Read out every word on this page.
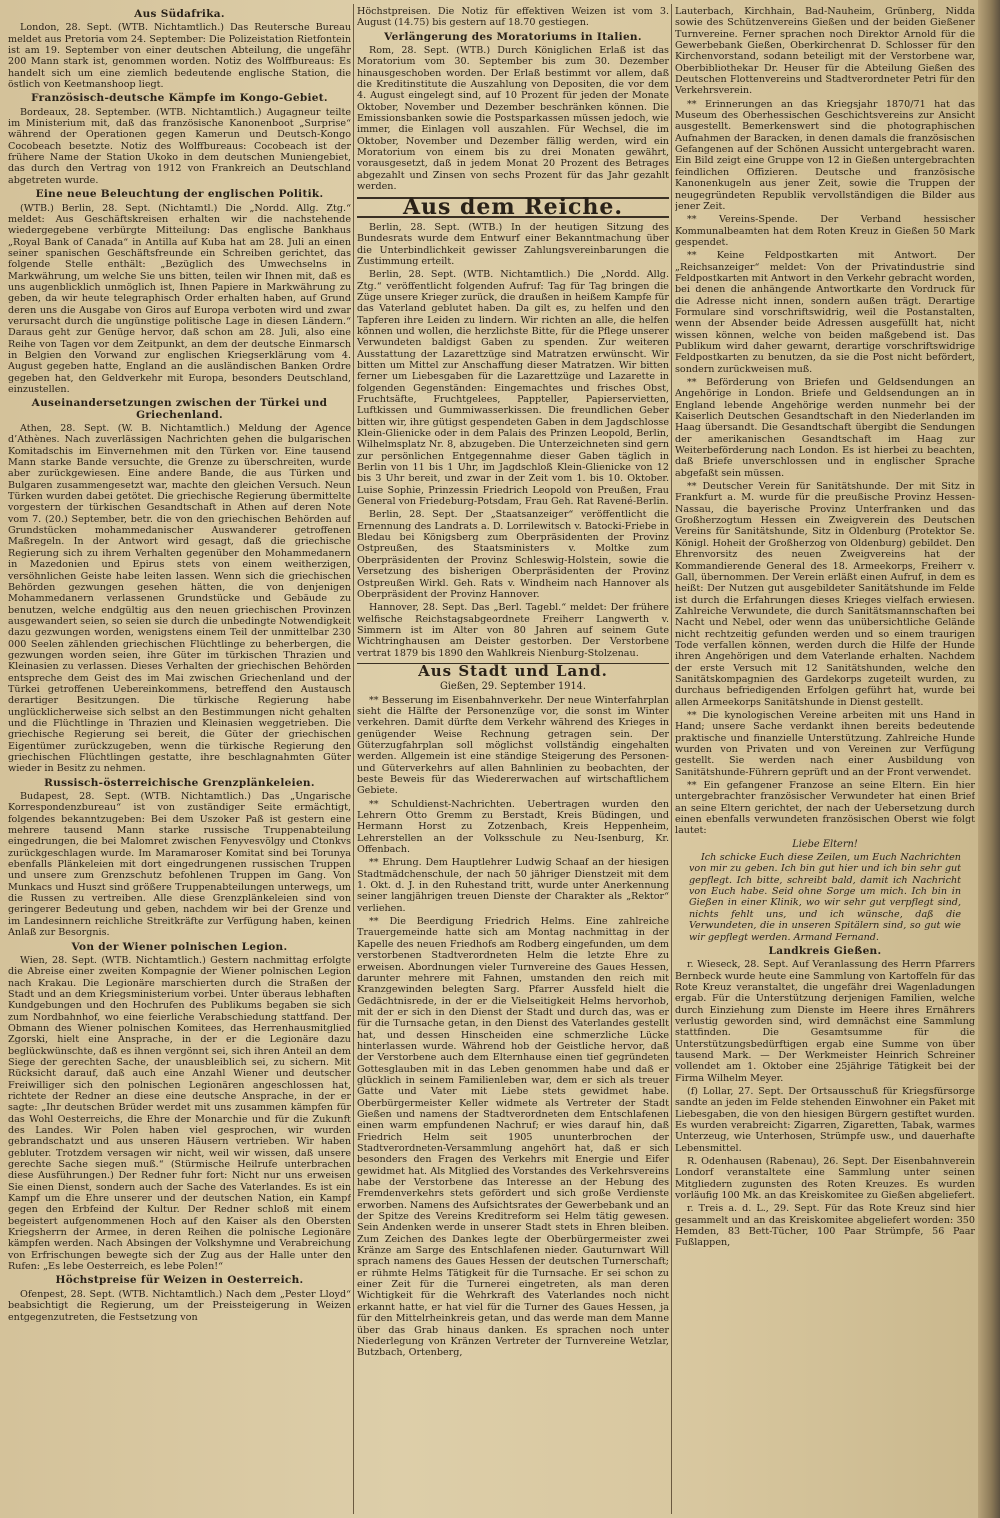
Aus Südafrika.

London, 28. Sept. (WTB. Nichtamtlich.) Das Reutersche Bureau meldet aus Pretoria vom 24. September: Die Polizeistation Rietfontein ist am 19. September von einer deutschen Abteilung, die ungefähr 200 Mann stark ist, genommen worden. Notiz des Wolffbureaus: Es handelt sich um eine ziemlich bedeutende englische Station, die östlich von Keetmanshoop liegt.

Französisch-deutsche Kämpfe im Kongo-Gebiet.

Bordeaux, 28. September. (WTB. Nichtamtlich.) Augagneur teilte im Ministerium mit, daß das französische Kanonenboot „Surprise“ während der Operationen gegen Kamerun und Deutsch-Kongo Cocobeach besetzte. Notiz des Wolffbureaus: Cocobeach ist der frühere Name der Station Ukoko in dem deutschen Muniengebiet, das durch den Vertrag von 1912 von Frankreich an Deutschland abgetreten wurde.

Eine neue Beleuchtung der englischen Politik.

(WTB.) Berlin, 28. Sept. (Nichtamtl.) Die „Nordd. Allg. Ztg.“ meldet: Aus Geschäftskreisen erhalten wir die nachstehende wiedergegebene verbürgte Mitteilung: Das englische Bankhaus „Royal Bank of Canada“ in Antilla auf Kuba hat am 28. Juli an einen seiner spanischen Geschäftsfreunde ein Schreiben gerichtet, das folgende Stelle enthält: „Bezüglich des Umwechselns in Markwährung, um welche Sie uns bitten, teilen wir Ihnen mit, daß es uns augenblicklich unmöglich ist, Ihnen Papiere in Markwährung zu geben, da wir heute telegraphisch Order erhalten haben, auf Grund deren uns die Ausgabe von Giros auf Europa verboten wird und zwar verursacht durch die ungünstige politische Lage in diesen Ländern.“ Daraus geht zur Genüge hervor, daß schon am 28. Juli, also eine Reihe von Tagen vor dem Zeitpunkt, an dem der deutsche Einmarsch in Belgien den Vorwand zur englischen Kriegserklärung vom 4. August gegeben hatte, England an die ausländischen Banken Ordre gegeben hat, den Geldverkehr mit Europa, besonders Deutschland, einzustellen.

Auseinandersetzungen zwischen der Türkei und Griechenland.

Athen, 28. Sept. (W. B. Nichtamtlich.) Meldung der Agence d’Athènes. Nach zuverlässigen Nachrichten gehen die bulgarischen Komitadschis im Einvernehmen mit den Türken vor. Eine tausend Mann starke Bande versuchte, die Grenze zu überschreiten, wurde aber zurückgewiesen. Eine andere Bande, die aus Türken und Bulgaren zusammengesetzt war, machte den gleichen Versuch. Neun Türken wurden dabei getötet. Die griechische Regierung übermittelte vorgestern der türkischen Gesandtschaft in Athen auf deren Note vom 7. (20.) September, betr. die von den griechischen Behörden auf Grundstücken mohammedanischer Auswanderer getroffenen Maßregeln. In der Antwort wird gesagt, daß die griechische Regierung sich zu ihrem Verhalten gegenüber den Mohammedanern in Mazedonien und Epirus stets von einem weitherzigen, versöhnlichen Geiste habe leiten lassen. Wenn sich die griechischen Behörden gezwungen gesehen hätten, die von denjenigen Mohammedanern verlassenen Grundstücke und Gebäude zu benutzen, welche endgültig aus den neuen griechischen Provinzen ausgewandert seien, so seien sie durch die unbedingte Notwendigkeit dazu gezwungen worden, wenigstens einem Teil der unmittelbar 230 000 Seelen zählenden griechischen Flüchtlinge zu beherbergen, die gezwungen worden seien, ihre Güter im türkischen Thrazien und Kleinasien zu verlassen. Dieses Verhalten der griechischen Behörden entspreche dem Geist des im Mai zwischen Griechenland und der Türkei getroffenen Uebereinkommens, betreffend den Austausch derartiger Besitzungen. Die türkische Regierung habe unglücklicherweise sich selbst an den Bestimmungen nicht gehalten und die Flüchtlinge in Thrazien und Kleinasien weggetrieben. Die griechische Regierung sei bereit, die Güter der griechischen Eigentümer zurückzugeben, wenn die türkische Regierung den griechischen Flüchtlingen gestatte, ihre beschlagnahmten Güter wieder in Besitz zu nehmen.

Russisch-österreichische Grenzplänkeleien.

Budapest, 28. Sept. (WTB. Nichtamtlich.) Das „Ungarische Korrespondenzbureau“ ist von zuständiger Seite ermächtigt, folgendes bekanntzugeben: Bei dem Uszoker Paß ist gestern eine mehrere tausend Mann starke russische Truppenabteilung eingedrungen, die bei Malomret zwischen Fenyvesvölgy und Ctonkvs zurückgeschlagen wurde. Im Maramaroser Komitat sind bei Torunya ebenfalls Plänkeleien mit dort eingedrungenen russischen Truppen und unsere zum Grenzschutz befohlenen Truppen im Gang. Von Munkacs und Huszt sind größere Truppenabteilungen unterwegs, um die Russen zu vertreiben. Alle diese Grenzplänkeleien sind von geringerer Bedeutung und geben, nachdem wir bei der Grenze und im Landesinnern reichliche Streitkräfte zur Verfügung haben, keinen Anlaß zur Besorgnis.

Von der Wiener polnischen Legion.

Wien, 28. Sept. (WTB. Nichtamtlich.) Gestern nachmittag erfolgte die Abreise einer zweiten Kompagnie der Wiener polnischen Legion nach Krakau. Die Legionäre marschierten durch die Straßen der Stadt und an dem Kriegsministerium vorbei. Unter überaus lebhaften Kundgebungen und den Hochrufen des Publikums begaben sie sich zum Nordbahnhof, wo eine feierliche Verabschiedung stattfand. Der Obmann des Wiener polnischen Komitees, das Herrenhausmitglied Zgorski, hielt eine Ansprache, in der er die Legionäre dazu beglückwünschte, daß es ihnen vergönnt sei, sich ihren Anteil an dem Siege der gerechten Sache, der unausbleiblich sei, zu sichern. Mit Rücksicht darauf, daß auch eine Anzahl Wiener und deutscher Freiwilliger sich den polnischen Legionären angeschlossen hat, richtete der Redner an diese eine deutsche Ansprache, in der er sagte: „Ihr deutschen Brüder werdet mit uns zusammen kämpfen für das Wohl Oesterreichs, die Ehre der Monarchie und für die Zukunft des Landes. Wir Polen haben viel gesprochen, wir wurden gebrandschatzt und aus unseren Häusern vertrieben. Wir haben gebluter. Trotzdem versagen wir nicht, weil wir wissen, daß unsere gerechte Sache siegen muß.“ (Stürmische Heilrufe unterbrachen diese Ausführungen.) Der Redner fuhr fort: Nicht nur uns erweisen Sie einen Dienst, sondern auch der Sache des Vaterlandes. Es ist ein Kampf um die Ehre unserer und der deutschen Nation, ein Kampf gegen den Erbfeind der Kultur. Der Redner schloß mit einem begeistert aufgenommenen Hoch auf den Kaiser als den Obersten Kriegsherrn der Armee, in deren Reihen die polnische Legionäre kämpfen werden. Nach Absingen der Volkshymne und Verabreichung von Erfrischungen bewegte sich der Zug aus der Halle unter den Rufen: „Es lebe Oesterreich, es lebe Polen!“

Höchstpreise für Weizen in Oesterreich.

Ofenpest, 28. Sept. (WTB. Nichtamtlich.) Nach dem „Pester Lloyd“ beabsichtigt die Regierung, um der Preissteigerung in Weizen entgegenzutreten, die Festsetzung von

Höchstpreisen. Die Notiz für effektiven Weizen ist vom 3. August (14.75) bis gestern auf 18.70 gestiegen.

Verlängerung des Moratoriums in Italien.

Rom, 28. Sept. (WTB.) Durch Königlichen Erlaß ist das Moratorium vom 30. September bis zum 30. Dezember hinausgeschoben worden. Der Erlaß bestimmt vor allem, daß die Kreditinstitute die Auszahlung von Depositen, die vor dem 4. August eingelegt sind, auf 10 Prozent für jeden der Monate Oktober, November und Dezember beschränken können. Die Emissionsbanken sowie die Postsparkassen müssen jedoch, wie immer, die Einlagen voll auszahlen. Für Wechsel, die im Oktober, November und Dezember fällig werden, wird ein Moratorium von einem bis zu drei Monaten gewährt, vorausgesetzt, daß in jedem Monat 20 Prozent des Betrages abgezahlt und Zinsen von sechs Prozent für das Jahr gezahlt werden.

Aus dem Reiche.

Berlin, 28. Sept. (WTB.) In der heutigen Sitzung des Bundesrats wurde dem Entwurf einer Bekanntmachung über die Unterbindlichkeit gewisser Zahlungsvereinbarungen die Zustimmung erteilt.

Berlin, 28. Sept. (WTB. Nichtamtlich.) Die „Nordd. Allg. Ztg.“ veröffentlicht folgenden Aufruf: Tag für Tag bringen die Züge unsere Krieger zurück, die draußen in heißem Kampfe für das Vaterland geblutet haben. Da gilt es, zu helfen und den Tapferen ihre Leiden zu lindern. Wir richten an alle, die helfen können und wollen, die herzlichste Bitte, für die Pflege unserer Verwundeten baldigst Gaben zu spenden. Zur weiteren Ausstattung der Lazarettzüge sind Matratzen erwünscht. Wir bitten um Mittel zur Anschaffung dieser Matratzen. Wir bitten ferner um Liebesgaben für die Lazarettzüge und Lazarette in folgenden Gegenständen: Eingemachtes und frisches Obst, Fruchtsäfte, Fruchtgelees, Pappteller, Papierservietten, Luftkissen und Gummiwasserkissen. Die freundlichen Geber bitten wir, ihre gütigst gespendeten Gaben in dem Jagdschlosse Klein-Glienicke oder in dem Palais des Prinzen Leopold, Berlin, Wilhelmsplatz Nr. 8, abzugeben. Die Unterzeichneten sind gern zur persönlichen Entgegennahme dieser Gaben täglich in Berlin von 11 bis 1 Uhr, im Jagdschloß Klein-Glienicke von 12 bis 3 Uhr bereit, und zwar in der Zeit vom 1. bis 10. Oktober. Luise Sophie, Prinzessin Friedrich Leopold von Preußen, Frau General von Friedeburg-Potsdam, Frau Geh. Rat Ravené-Berlin.

Berlin, 28. Sept. Der „Staatsanzeiger“ veröffentlicht die Ernennung des Landrats a. D. Lorrilewitsch v. Batocki-Friebe in Bledau bei Königsberg zum Oberpräsidenten der Provinz Ostpreußen, des Staatsministers v. Moltke zum Oberpräsidenten der Provinz Schleswig-Holstein, sowie die Versetzung des bisherigen Oberpräsidenten der Provinz Ostpreußen Wirkl. Geh. Rats v. Windheim nach Hannover als Oberpräsident der Provinz Hannover.

Hannover, 28. Sept. Das „Berl. Tagebl.“ meldet: Der frühere welfische Reichstagsabgeordnete Freiherr Langwerth v. Simmern ist im Alter von 80 Jahren auf seinem Gute Wichtringhausen am Deister gestorben. Der Verstorbene vertrat 1879 bis 1890 den Wahlkreis Nienburg-Stolzenau.

Aus Stadt und Land.
Gießen, 29. September 1914.

** Besserung im Eisenbahnverkehr. Der neue Winterfahrplan sieht die Hälfte der Personenzüge vor, die sonst im Winter verkehren. Damit dürfte dem Verkehr während des Krieges in genügender Weise Rechnung getragen sein. Der Güterzugfahrplan soll möglichst vollständig eingehalten werden. Allgemein ist eine ständige Steigerung des Personen- und Güterverkehrs auf allen Bahnlinien zu beobachten, der beste Beweis für das Wiedererwachen auf wirtschaftlichem Gebiete.

** Schuldienst-Nachrichten. Uebertragen wurden den Lehrern Otto Gremm zu Berstadt, Kreis Büdingen, und Hermann Horst zu Zotzenbach, Kreis Heppenheim, Lehrerstellen an der Volksschule zu Neu-Isenburg, Kr. Offenbach.

** Ehrung. Dem Hauptlehrer Ludwig Schaaf an der hiesigen Stadtmädchenschule, der nach 50 jähriger Dienstzeit mit dem 1. Okt. d. J. in den Ruhestand tritt, wurde unter Anerkennung seiner langjährigen treuen Dienste der Charakter als „Rektor“ verliehen.

** Die Beerdigung Friedrich Helms. Eine zahlreiche Trauergemeinde hatte sich am Montag nachmittag in der Kapelle des neuen Friedhofs am Rodberg eingefunden, um dem verstorbenen Stadtverordneten Helm die letzte Ehre zu erweisen. Abordnungen vieler Turnvereine des Gaues Hessen, darunter mehrere mit Fahnen, umstanden den reich mit Kranzgewinden belegten Sarg. Pfarrer Aussfeld hielt die Gedächtnisrede, in der er die Vielseitigkeit Helms hervorhob, mit der er sich in den Dienst der Stadt und durch das, was er für die Turnsache getan, in den Dienst des Vaterlandes gestellt hat, und dessen Hinscheiden eine schmerzliche Lücke hinterlassen wurde. Während hob der Geistliche hervor, daß der Verstorbene auch dem Elternhause einen tief gegründeten Gottesglauben mit in das Leben genommen habe und daß er glücklich in seinem Familienleben war, dem er sich als treuer Gatte und Vater mit Liebe stets gewidmet habe. Oberbürgermeister Keller widmete als Vertreter der Stadt Gießen und namens der Stadtverordneten dem Entschlafenen einen warm empfundenen Nachruf; er wies darauf hin, daß Friedrich Helm seit 1905 ununterbrochen der Stadtverordneten-Versammlung angehört hat, daß er sich besonders den Fragen des Verkehrs mit Energie und Eifer gewidmet hat. Als Mitglied des Vorstandes des Verkehrsvereins habe der Verstorbene das Interesse an der Hebung des Fremdenverkehrs stets gefördert und sich große Verdienste erworben. Namens des Aufsichtsrates der Gewerbebank und an der Spitze des Vereins Kreditreform sei Helm tätig gewesen. Sein Andenken werde in unserer Stadt stets in Ehren bleiben. Zum Zeichen des Dankes legte der Oberbürgermeister zwei Kränze am Sarge des Entschlafenen nieder. Gauturnwart Will sprach namens des Gaues Hessen der deutschen Turnerschaft; er rühmte Helms Tätigkeit für die Turnsache. Er sei schon zu einer Zeit für die Turnerei eingetreten, als man deren Wichtigkeit für die Wehrkraft des Vaterlandes noch nicht erkannt hatte, er hat viel für die Turner des Gaues Hessen, ja für den Mittelrheinkreis getan, und das werde man dem Manne über das Grab hinaus danken. Es sprachen noch unter Niederlegung von Kränzen Vertreter der Turnvereine Wetzlar, Butzbach, Ortenberg,

Lauterbach, Kirchhain, Bad-Nauheim, Grünberg, Nidda sowie des Schützenvereins Gießen und der beiden Gießener Turnvereine. Ferner sprachen noch Direktor Arnold für die Gewerbebank Gießen, Oberkirchenrat D. Schlosser für den Kirchenvorstand, sodann beteiligt mit der Verstorbene war, Oberbibliothekar Dr. Heuser für die Abteilung Gießen des Deutschen Flottenvereins und Stadtverordneter Petri für den Verkehrsverein.

** Erinnerungen an das Kriegsjahr 1870/71 hat das Museum des Oberhessischen Geschichtsvereins zur Ansicht ausgestellt. Bemerkenswert sind die photographischen Aufnahmen der Baracken, in denen damals die französischen Gefangenen auf der Schönen Aussicht untergebracht waren. Ein Bild zeigt eine Gruppe von 12 in Gießen untergebrachten feindlichen Offizieren. Deutsche und französische Kanonenkugeln aus jener Zeit, sowie die Truppen der neugegründeten Republik vervollständigen die Bilder aus jener Zeit.

** Vereins-Spende. Der Verband hessischer Kommunalbeamten hat dem Roten Kreuz in Gießen 50 Mark gespendet.

** Keine Feldpostkarten mit Antwort. Der „Reichsanzeiger“ meldet: Von der Privatindustrie sind Feldpostkarten mit Antwort in den Verkehr gebracht worden, bei denen die anhängende Antwortkarte den Vordruck für die Adresse nicht innen, sondern außen trägt. Derartige Formulare sind vorschriftswidrig, weil die Postanstalten, wenn der Absender beide Adressen ausgefüllt hat, nicht wissen können, welche von beiden maßgebend ist. Das Publikum wird daher gewarnt, derartige vorschriftswidrige Feldpostkarten zu benutzen, da sie die Post nicht befördert, sondern zurückweisen muß.

** Beförderung von Briefen und Geldsendungen an Angehörige in London. Briefe und Geldsendungen an in England lebende Angehörige werden nunmehr bei der Kaiserlich Deutschen Gesandtschaft in den Niederlanden im Haag übersandt. Die Gesandtschaft übergibt die Sendungen der amerikanischen Gesandtschaft im Haag zur Weiterbeförderung nach London. Es ist hierbei zu beachten, daß Briefe unverschlossen und in englischer Sprache abgefaßt sein müssen.

** Deutscher Verein für Sanitätshunde. Der mit Sitz in Frankfurt a. M. wurde für die preußische Provinz Hessen-Nassau, die bayerische Provinz Unterfranken und das Großherzogtum Hessen ein Zweigverein des Deutschen Vereins für Sanitätshunde, Sitz in Oldenburg (Protektor Se. Königl. Hoheit der Großherzog von Oldenburg) gebildet. Den Ehrenvorsitz des neuen Zweigvereins hat der Kommandierende General des 18. Armeekorps, Freiherr v. Gall, übernommen. Der Verein erläßt einen Aufruf, in dem es heißt: Der Nutzen gut ausgebildeter Sanitätshunde im Felde ist durch die Erfahrungen dieses Krieges vielfach erwiesen. Zahlreiche Verwundete, die durch Sanitätsmannschaften bei Nacht und Nebel, oder wenn das unübersichtliche Gelände nicht rechtzeitig gefunden werden und so einem traurigen Tode verfallen können, werden durch die Hilfe der Hunde ihren Angehörigen und dem Vaterlande erhalten. Nachdem der erste Versuch mit 12 Sanitätshunden, welche den Sanitätskompagnien des Gardekorps zugeteilt wurden, zu durchaus befriedigenden Erfolgen geführt hat, wurde bei allen Armeekorps Sanitätshunde in Dienst gestellt.

** Die kynologischen Vereine arbeiten mit uns Hand in Hand; unsere Sache verdankt ihnen bereits bedeutende praktische und finanzielle Unterstützung. Zahlreiche Hunde wurden von Privaten und von Vereinen zur Verfügung gestellt. Sie werden nach einer Ausbildung von Sanitätshunde-Führern geprüft und an der Front verwendet.

** Ein gefangener Franzose an seine Eltern. Ein hier untergebrachter französischer Verwundeter hat einen Brief an seine Eltern gerichtet, der nach der Uebersetzung durch einen ebenfalls verwundeten französischen Oberst wie folgt lautet:

Liebe Eltern!

Ich schicke Euch diese Zeilen, um Euch Nachrichten von mir zu geben. Ich bin gut hier und ich bin sehr gut gepflegt. Ich bitte, schreibt bald, damit ich Nachricht von Euch habe. Seid ohne Sorge um mich. Ich bin in Gießen in einer Klinik, wo wir sehr gut verpflegt sind, nichts fehlt uns, und ich wünsche, daß die Verwundeten, die in unseren Spitälern sind, so gut wie wir gepflegt werden. Armand Fernand.

Landkreis Gießen.

r. Wieseck, 28. Sept. Auf Veranlassung des Herrn Pfarrers Bernbeck wurde heute eine Sammlung von Kartoffeln für das Rote Kreuz veranstaltet, die ungefähr drei Wagenladungen ergab. Für die Unterstützung derjenigen Familien, welche durch Einziehung zum Dienste im Heere ihres Ernährers verlustig geworden sind, wird demnächst eine Sammlung stattfinden. Die Gesamtsumme für die Unterstützungsbedürftigen ergab eine Summe von über tausend Mark. — Der Werkmeister Heinrich Schreiner vollendet am 1. Oktober eine 25jährige Tätigkeit bei der Firma Wilhelm Meyer.

(f) Lollar, 27. Sept. Der Ortsausschuß für Kriegsfürsorge sandte an jeden im Felde stehenden Einwohner ein Paket mit Liebesgaben, die von den hiesigen Bürgern gestiftet wurden. Es wurden verabreicht: Zigarren, Zigaretten, Tabak, warmes Unterzeug, wie Unterhosen, Strümpfe usw., und dauerhafte Lebensmittel.

R. Odenhausen (Rabenau), 26. Sept. Der Eisenbahnverein Londorf veranstaltete eine Sammlung unter seinen Mitgliedern zugunsten des Roten Kreuzes. Es wurden vorläufig 100 Mk. an das Kreiskomitee zu Gießen abgeliefert.

r. Treis a. d. L., 29. Sept. Für das Rote Kreuz sind hier gesammelt und an das Kreiskomitee abgeliefert worden: 350 Hemden, 83 Bett-Tücher, 100 Paar Strümpfe, 56 Paar Fußlappen,
